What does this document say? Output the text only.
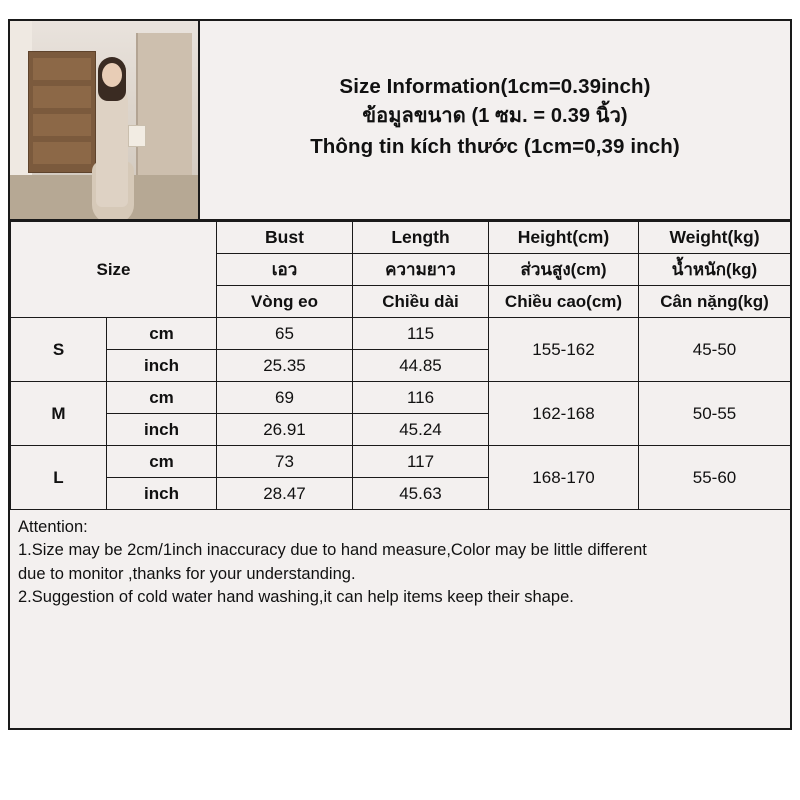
Size Information(1cm=0.39inch)
ข้อมูลขนาด (1 ซม. = 0.39 นิ้ว)
Thông tin kích thước (1cm=0,39 inch)
Size		Bust	Length	Height(cm)	Weight(kg)
		เอว	ความยาว	ส่วนสูง(cm)	น้ำหนัก(kg)
		Vòng eo	Chiều dài	Chiều cao(cm)	Cân nặng(kg)
S	cm	65	115	155-162	45-50
	inch	25.35	44.85		
M	cm	69	116	162-168	50-55
	inch	26.91	45.24		
L	cm	73	117	168-170	55-60
	inch	28.47	45.63		
Attention:
1.Size may be 2cm/1inch inaccuracy due to hand measure,Color may be little different
due to monitor ,thanks for your understanding.
2.Suggestion of cold water hand washing,it can help items keep their shape.
